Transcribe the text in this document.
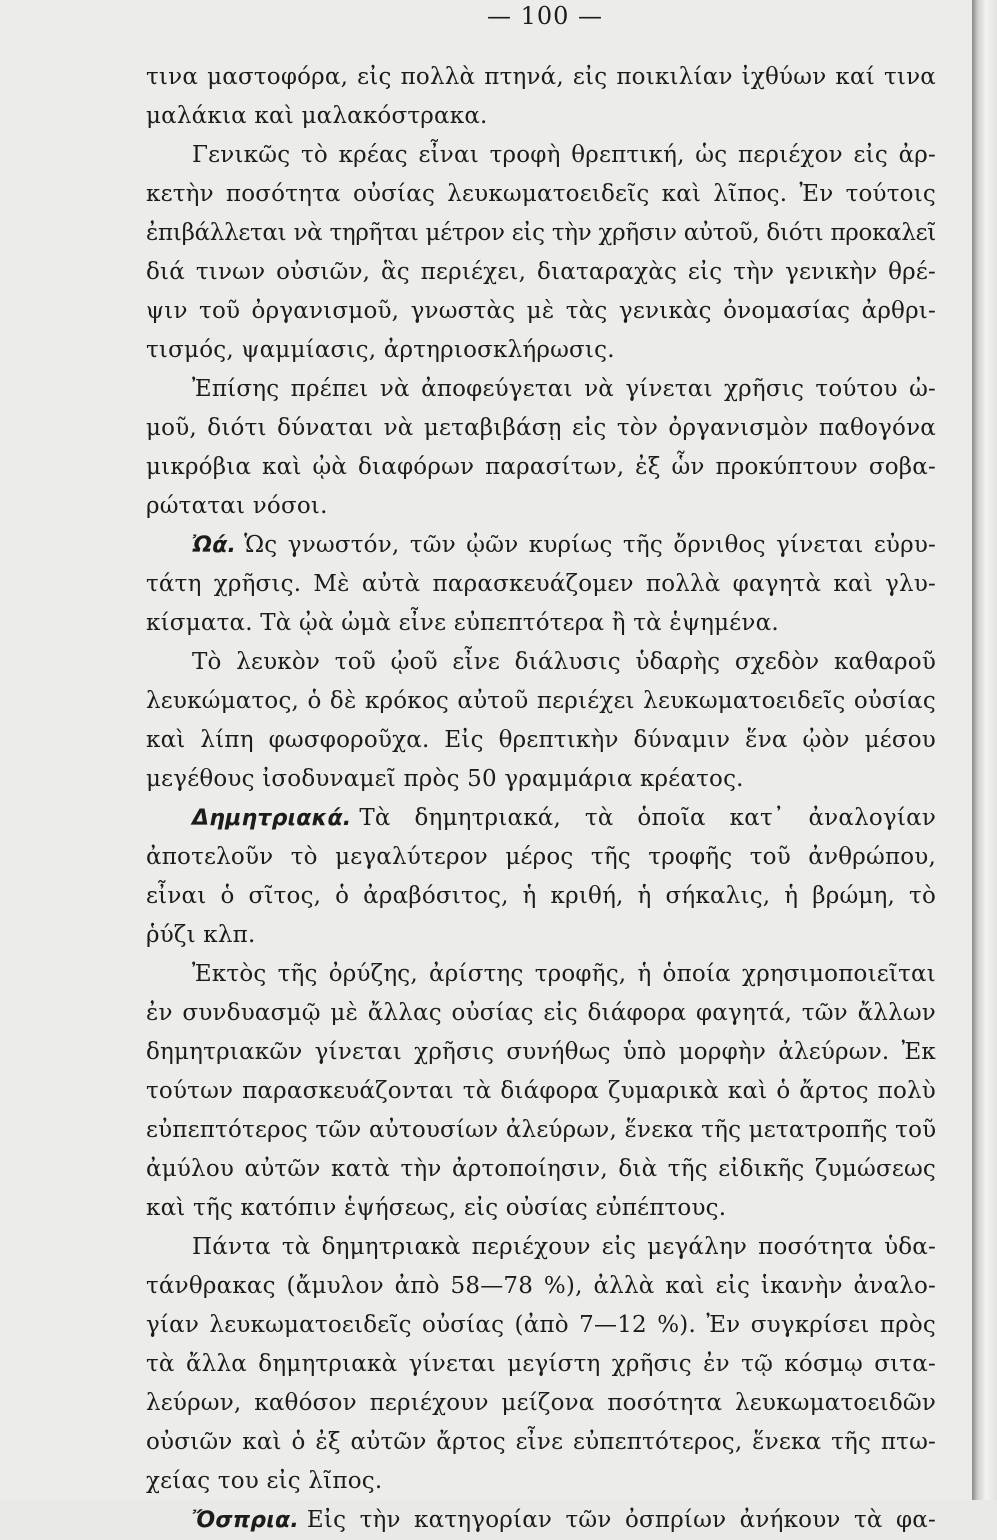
— 100 —
τινα μαστοφόρα, εἰς πολλὰ πτηνά, εἰς ποικιλίαν ἰχθύων καί τινα
μαλάκια καὶ μαλακόστρακα.
Γενικῶς τὸ κρέας εἶναι τροφὴ θρεπτική, ὡς περιέχον εἰς ἀρ-
κετὴν ποσότητα οὐσίας λευκωματοειδεῖς καὶ λῖπος. Ἐν τούτοις
ἐπιβάλλεται νὰ τηρῆται μέτρον εἰς τὴν χρῆσιν αὐτοῦ, διότι προκαλεῖ
διά τινων οὐσιῶν, ἃς περιέχει, διαταραχὰς εἰς τὴν γενικὴν θρέ-
ψιν τοῦ ὀργανισμοῦ, γνωστὰς μὲ τὰς γενικὰς ὀνομασίας ἀρθρι-
τισμός, ψαμμίασις, ἀρτηριοσκλήρωσις.
Ἐπίσης πρέπει νὰ ἀποφεύγεται νὰ γίνεται χρῆσις τούτου ὠ-
μοῦ, διότι δύναται νὰ μεταβιβάσῃ εἰς τὸν ὀργανισμὸν παθογόνα
μικρόβια καὶ ᾠὰ διαφόρων παρασίτων, ἐξ ὧν προκύπτουν σοβα-
ρώταται νόσοι.
Ὠά. Ὡς γνωστόν, τῶν ᾠῶν κυρίως τῆς ὄρνιθος γίνεται εὐρυ-
τάτη χρῆσις. Μὲ αὐτὰ παρασκευάζομεν πολλὰ φαγητὰ καὶ γλυ-
κίσματα. Τὰ ᾠὰ ὠμὰ εἶνε εὐπεπτότερα ἢ τὰ ἑψημένα.
Τὸ λευκὸν τοῦ ᾠοῦ εἶνε διάλυσις ὑδαρὴς σχεδὸν καθαροῦ
λευκώματος, ὁ δὲ κρόκος αὐτοῦ περιέχει λευκωματοειδεῖς οὐσίας
καὶ λίπη φωσφοροῦχα. Εἰς θρεπτικὴν δύναμιν ἕνα ᾠὸν μέσου
μεγέθους ἰσοδυναμεῖ πρὸς 50 γραμμάρια κρέατος.
Δημητριακά. Τὰ δημητριακά, τὰ ὁποῖα κατ᾽ ἀναλογίαν
ἀποτελοῦν τὸ μεγαλύτερον μέρος τῆς τροφῆς τοῦ ἀνθρώπου,
εἶναι ὁ σῖτος, ὁ ἀραβόσιτος, ἡ κριθή, ἡ σήκαλις, ἡ βρώμη, τὸ
ῥύζι κλπ.
Ἐκτὸς τῆς ὀρύζης, ἀρίστης τροφῆς, ἡ ὁποία χρησιμοποιεῖται
ἐν συνδυασμῷ μὲ ἄλλας οὐσίας εἰς διάφορα φαγητά, τῶν ἄλλων
δημητριακῶν γίνεται χρῆσις συνήθως ὑπὸ μορφὴν ἀλεύρων. Ἐκ
τούτων παρασκευάζονται τὰ διάφορα ζυμαρικὰ καὶ ὁ ἄρτος πολὺ
εὐπεπτότερος τῶν αὐτουσίων ἀλεύρων, ἕνεκα τῆς μετατροπῆς τοῦ
ἀμύλου αὐτῶν κατὰ τὴν ἀρτοποίησιν, διὰ τῆς εἰδικῆς ζυμώσεως
καὶ τῆς κατόπιν ἑψήσεως, εἰς οὐσίας εὐπέπτους.
Πάντα τὰ δημητριακὰ περιέχουν εἰς μεγάλην ποσότητα ὑδα-
τάνθρακας (ἄμυλον ἀπὸ 58—78 %), ἀλλὰ καὶ εἰς ἱκανὴν ἀναλο-
γίαν λευκωματοειδεῖς οὐσίας (ἀπὸ 7—12 %). Ἐν συγκρίσει πρὸς
τὰ ἄλλα δημητριακὰ γίνεται μεγίστη χρῆσις ἐν τῷ κόσμῳ σιτα-
λεύρων, καθόσον περιέχουν μείζονα ποσότητα λευκωματοειδῶν
οὐσιῶν καὶ ὁ ἐξ αὐτῶν ἄρτος εἶνε εὐπεπτότερος, ἕνεκα τῆς πτω-
χείας του εἰς λῖπος.
Ὄσπρια. Εἰς τὴν κατηγορίαν τῶν ὀσπρίων ἀνήκουν τὰ φα-
